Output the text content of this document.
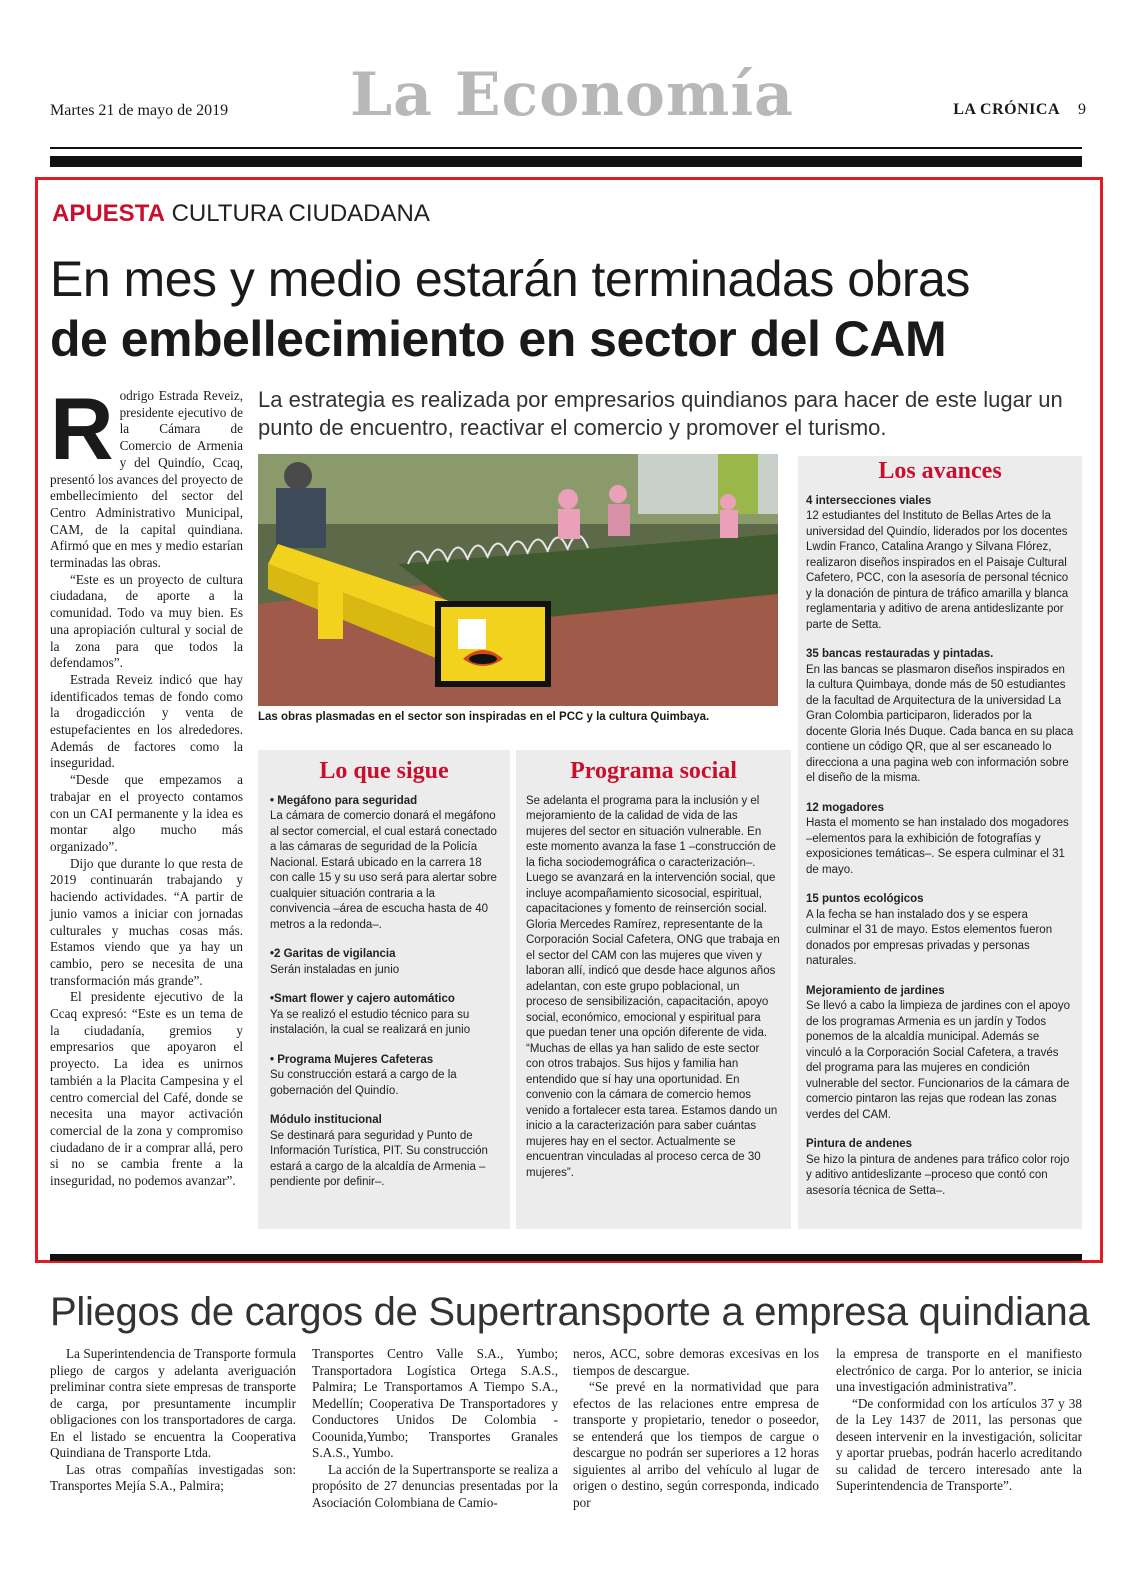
Martes 21 de mayo de 2019	La Economía	LA CRÓNICA 9
APUESTA CULTURA CIUDADANA
En mes y medio estarán terminadas obras
de embellecimiento en sector del CAM

Rodrigo Estrada Reveiz, presidente ejecutivo de la Cámara de Comercio de Armenia y del Quindío, Ccaq, presentó los avances del proyecto de embellecimiento del sector del Centro Administrativo Municipal, CAM, de la capital quindiana. Afirmó que en mes y medio estarían terminadas las obras.

“Este es un proyecto de cultura ciudadana, de aporte a la comunidad. Todo va muy bien. Es una apropiación cultural y social de la zona para que todos la defendamos”.

Estrada Reveiz indicó que hay identificados temas de fondo como la drogadicción y venta de estupefacientes en los alrededores. Además de factores como la inseguridad.

“Desde que empezamos a trabajar en el proyecto contamos con un CAI permanente y la idea es montar algo mucho más organizado”.

Dijo que durante lo que resta de 2019 continuarán trabajando y haciendo actividades. “A partir de junio vamos a iniciar con jornadas culturales y muchas cosas más. Estamos viendo que ya hay un cambio, pero se necesita de una transformación más grande”.

El presidente ejecutivo de la Ccaq expresó: “Este es un tema de la ciudadanía, gremios y empresarios que apoyaron el proyecto. La idea es unirnos también a la Placita Campesina y el centro comercial del Café, donde se necesita una mayor activación comercial de la zona y compromiso ciudadano de ir a comprar allá, pero si no se cambia frente a la inseguridad, no podemos avanzar”.

La estrategia es realizada por empresarios quindianos para hacer de este lugar un punto de encuentro, reactivar el comercio y promover el turismo.
Las obras plasmadas en el sector son inspiradas en el PCC y la cultura Quimbaya.
Los avances
4 intersecciones viales

12 estudiantes del Instituto de Bellas Artes de la universidad del Quindío, liderados por los docentes Lwdin Franco, Catalina Arango y Silvana Flórez, realizaron diseños inspirados en el Paisaje Cultural Cafetero, PCC, con la asesoría de personal técnico y la donación de pintura de tráfico amarilla y blanca reglamentaria y aditivo de arena antideslizante por parte de Setta.

35 bancas restauradas y pintadas.

En las bancas se plasmaron diseños inspirados en la cultura Quimbaya, donde más de 50 estudiantes de la facultad de Arquitectura de la universidad La Gran Colombia participaron, liderados por la docente Gloria Inés Duque. Cada banca en su placa contiene un código QR, que al ser escaneado lo direcciona a una pagina web con información sobre el diseño de la misma.

12 mogadores

Hasta el momento se han instalado dos mogadores –elementos para la exhibición de fotografías y exposiciones temáticas–. Se espera culminar el 31 de mayo.

15 puntos ecológicos

A la fecha se han instalado dos y se espera culminar el 31 de mayo. Estos elementos fueron donados por empresas privadas y personas naturales.

Mejoramiento de jardines

Se llevó a cabo la limpieza de jardines con el apoyo de los programas Armenia es un jardín y Todos ponemos de la alcaldía municipal. Además se vinculó a la Corporación Social Cafetera, a través del programa para las mujeres en condición vulnerable del sector. Funcionarios de la cámara de comercio pintaron las rejas que rodean las zonas verdes del CAM.

Pintura de andenes

Se hizo la pintura de andenes para tráfico color rojo y aditivo antideslizante –proceso que contó con asesoría técnica de Setta–.

Lo que sigue
• Megáfono para seguridad

La cámara de comercio donará el megáfono al sector comercial, el cual estará conectado a las cámaras de seguridad de la Policía Nacional. Estará ubicado en la carrera 18 con calle 15 y su uso será para alertar sobre cualquier situación contraria a la convivencia –área de escucha hasta de 40 metros a la redonda–.

•2 Garitas de vigilancia

Serán instaladas en junio

•Smart flower y cajero automático

Ya se realizó el estudio técnico para su instalación, la cual se realizará en junio

• Programa Mujeres Cafeteras

Su construcción estará a cargo de la gobernación del Quindío.

Módulo institucional

Se destinará para seguridad y Punto de Información Turística, PIT. Su construcción estará a cargo de la alcaldía de Armenia –pendiente por definir–.

Programa social

Se adelanta el programa para la inclusión y el mejoramiento de la calidad de vida de las mujeres del sector en situación vulnerable. En este momento avanza la fase 1 –construcción de la ficha sociodemográfica o caracterización–.

Luego se avanzará en la intervención social, que incluye acompañamiento sicosocial, espiritual, capacitaciones y fomento de reinserción social.

Gloria Mercedes Ramírez, representante de la Corporación Social Cafetera, ONG que trabaja en el sector del CAM con las mujeres que viven y laboran allí, indicó que desde hace algunos años adelantan, con este grupo poblacional, un proceso de sensibilización, capacitación, apoyo social, económico, emocional y espiritual para que puedan tener una opción diferente de vida.

“Muchas de ellas ya han salido de este sector con otros trabajos. Sus hijos y familia han entendido que sí hay una oportunidad. En convenio con la cámara de comercio hemos venido a fortalecer esta tarea. Estamos dando un inicio a la caracterización para saber cuántas mujeres hay en el sector. Actualmente se encuentran vinculadas al proceso cerca de 30 mujeres”.

Pliegos de cargos de Supertransporte a empresa quindiana

La Superintendencia de Transporte formula pliego de cargos y adelanta averiguación preliminar contra siete empresas de transporte de carga, por presuntamente incumplir obligaciones con los transportadores de carga. En el listado se encuentra la Cooperativa Quindiana de Transporte Ltda.

Las otras compañías investigadas son: Transportes Mejía S.A., Palmira;

Transportes Centro Valle S.A., Yumbo; Transportadora Logística Ortega S.A.S., Palmira; Le Transportamos A Tiempo S.A., Medellín; Cooperativa De Transportadores y Conductores Unidos De Colombia - Coounida,Yumbo; Transportes Granales S.A.S., Yumbo.

La acción de la Supertransporte se realiza a propósito de 27 denuncias presentadas por la Asociación Colombiana de Camio-

neros, ACC, sobre demoras excesivas en los tiempos de descargue.

“Se prevé en la normatividad que para efectos de las relaciones entre empresa de transporte y propietario, tenedor o poseedor, se entenderá que los tiempos de cargue o descargue no podrán ser superiores a 12 horas siguientes al arribo del vehículo al lugar de origen o destino, según corresponda, indicado por

la empresa de transporte en el manifiesto electrónico de carga. Por lo anterior, se inicia una investigación administrativa”.

“De conformidad con los artículos 37 y 38 de la Ley 1437 de 2011, las personas que deseen intervenir en la investigación, solicitar y aportar pruebas, podrán hacerlo acreditando su calidad de tercero interesado ante la Superintendencia de Transporte”.
